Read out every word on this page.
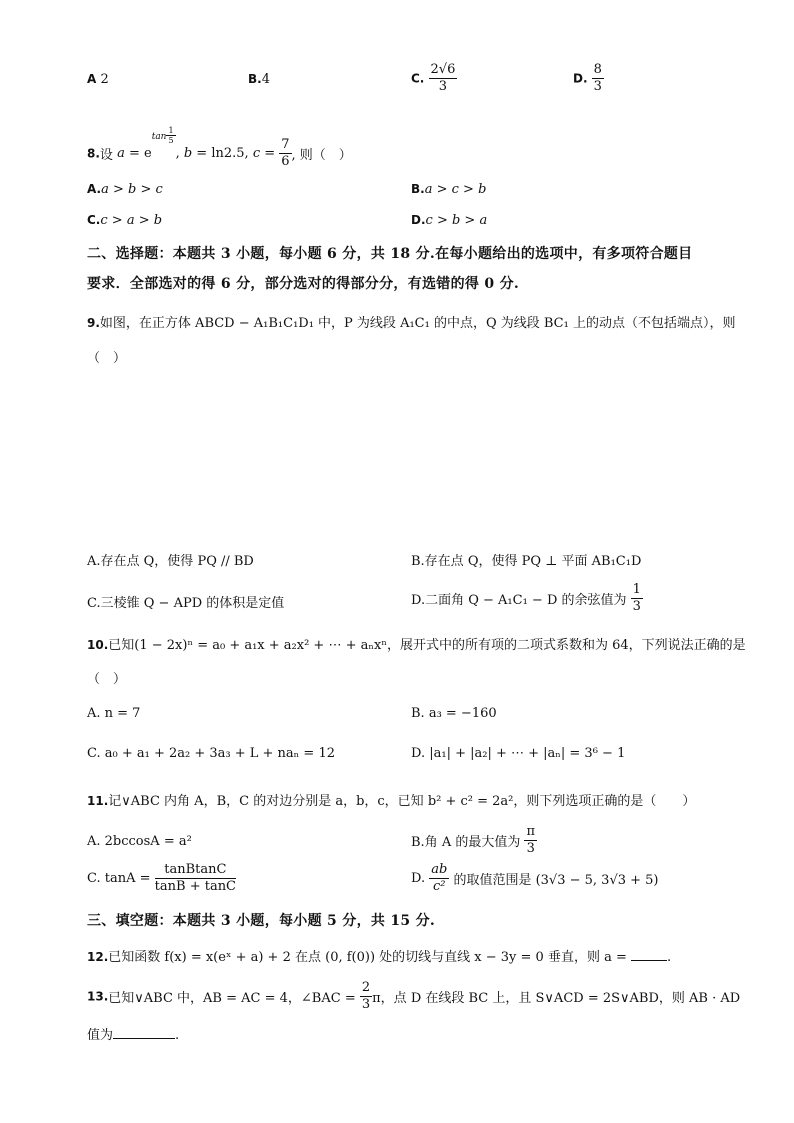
A 2	B.4	C. $\frac{2√6}{3}$	D. $\frac{8}{3}$
8.设 $a = e^{tan} \frac{1}{5}$
, b = ln2.5, $c = \frac{7}{6}$ , 则（　）
A.a > b > c	B.a > c > b
C.c > a > b	D.c > b > a
二、选择题：本题共 3 小题，每小题 6 分，共 18 分.在每小题给出的选项中，有多项符合题目
要求．全部选对的得 6 分，部分选对的得部分分，有选错的得 0 分.
9.如图，在正方体 ABCD − A₁B₁C₁D₁ 中，P 为线段 A₁C₁ 的中点，Q 为线段 BC₁ 上的动点（不包括端点），则
（　）
A.存在点 Q，使得 PQ // BD	B.存在点 Q，使得 PQ ⊥ 平面 AB₁C₁D
C.三棱锥 Q − APD 的体积是定值	D.二面角 Q − A₁C₁ − D 的余弦值为 $\frac{1}{3}$
10.已知(1 − 2x)ⁿ = a₀ + a₁x + a₂x² + ⋯ + aₙxⁿ，展开式中的所有项的二项式系数和为 64，下列说法正确的是
（　）
A. n = 7	B. a₃ = −160
C. a₀ + a₁ + 2a₂ + 3a₃ + L + naₙ = 12	D. |a₁| + |a₂| + ⋯ + |aₙ| = 3⁶ − 1
11.记∨ABC 内角 A，B，C 的对边分别是 a，b，c，已知 b² + c² = 2a²，则下列选项正确的是（　　）
A. 2bccosA = a²	B.角 A 的最大值为 $\frac{\pi}{3}$
C. $\tan A = \frac{\text{tanBtanC}}{\tan B + \tan C}$	D. $\frac{ab}{\text{c²}}$ 的取值范围是 (3√3 − 5, 3√3 + 5)
三、填空题：本题共 3 小题，每小题 5 分，共 15 分.
12.已知函数 f(x) = x(eˣ + a) + 2 在点 (0, f(0)) 处的切线与直线 x − 3y = 0 垂直，则 a =	.
13.已知∨ABC 中，AB = AC = 4，∠BAC = $\frac{2}{3}$ π，点 D 在线段 BC 上，且 S∨ACD = 2S∨ABD，则 AB · AD
值为	.
